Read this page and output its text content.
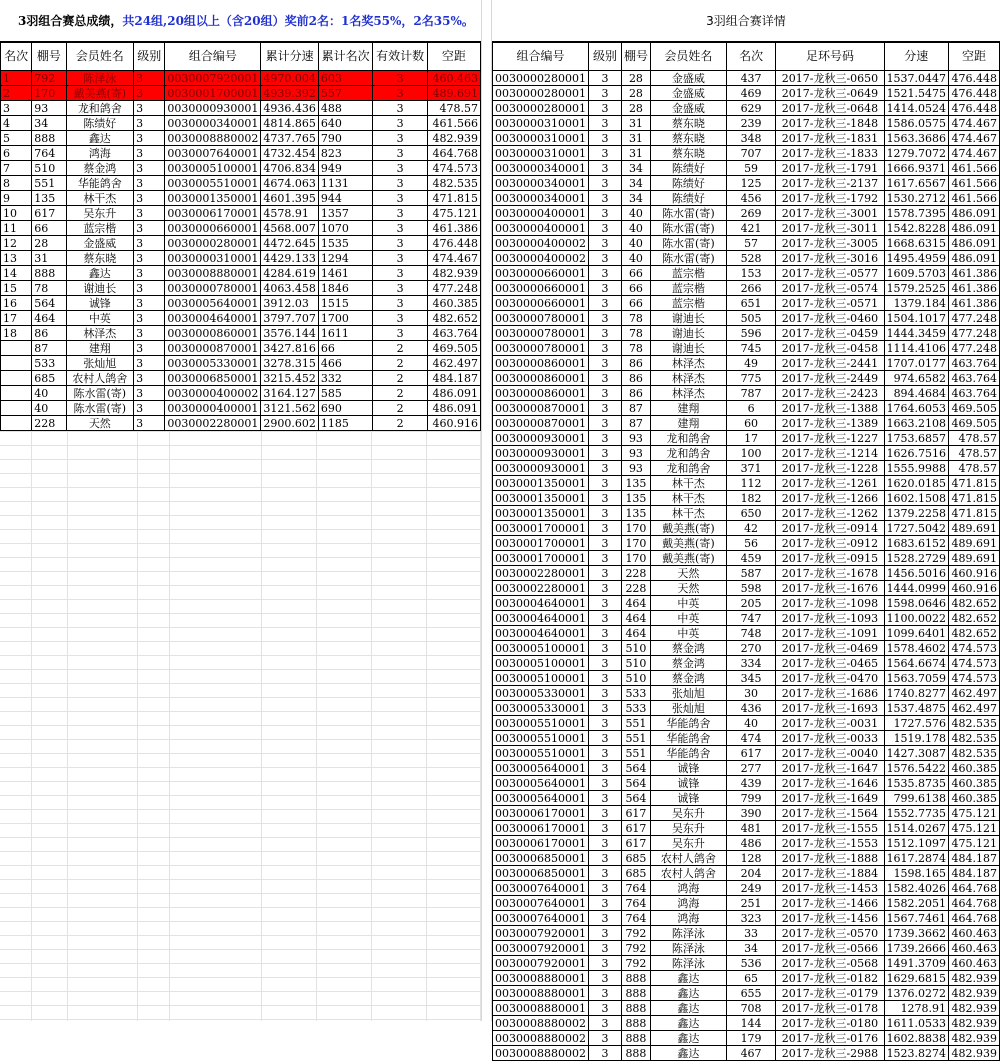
3羽组合赛总成绩， 共24组,20组以上（含20组）奖前2名：1名奖55%，2名35%。
名次	棚号	会员姓名	级别	组合编号	累计分速	累计名次	有效计数	空距
1	792	陈泽泳	3	0030007920001	4970.004	603	3	460.463
2	170	戴美燕(寄)	3	0030001700001	4939.392	557	3	489.691
3	93	龙和鸽舍	3	0030000930001	4936.436	488	3	478.57
4	34	陈绩好	3	0030000340001	4814.865	640	3	461.566
5	888	鑫达	3	0030008880002	4737.765	790	3	482.939
6	764	鸿海	3	0030007640001	4732.454	823	3	464.768
7	510	蔡金鸿	3	0030005100001	4706.834	949	3	474.573
8	551	华能鸽舍	3	0030005510001	4674.063	1131	3	482.535
9	135	林干杰	3	0030001350001	4601.395	944	3	471.815
10	617	吴东升	3	0030006170001	4578.91	1357	3	475.121
11	66	蓝宗楷	3	0030000660001	4568.007	1070	3	461.386
12	28	金盛威	3	0030000280001	4472.645	1535	3	476.448
13	31	蔡东晓	3	0030000310001	4429.133	1294	3	474.467
14	888	鑫达	3	0030008880001	4284.619	1461	3	482.939
15	78	谢迪长	3	0030000780001	4063.458	1846	3	477.248
16	564	诚锋	3	0030005640001	3912.03	1515	3	460.385
17	464	中英	3	0030004640001	3797.707	1700	3	482.652
18	86	林泽杰	3	0030000860001	3576.144	1611	3	463.764
	87	建翔	3	0030000870001	3427.816	66	2	469.505
	533	张灿旭	3	0030005330001	3278.315	466	2	462.497
	685	农村人鸽舍	3	0030006850001	3215.452	332	2	484.187
	40	陈水雷(寄)	3	0030000400002	3164.127	585	2	486.091
	40	陈水雷(寄)	3	0030000400001	3121.562	690	2	486.091
	228	天然	3	0030002280001	2900.602	1185	2	460.916
3羽组合赛详情
组合编号	级别	棚号	会员姓名	名次	足环号码	分速	空距
0030000280001	3	28	金盛威	437	2017-龙秋三-0650	1537.0447	476.448
0030000280001	3	28	金盛威	469	2017-龙秋三-0649	1521.5475	476.448
0030000280001	3	28	金盛威	629	2017-龙秋三-0648	1414.0524	476.448
0030000310001	3	31	蔡东晓	239	2017-龙秋三-1848	1586.0575	474.467
0030000310001	3	31	蔡东晓	348	2017-龙秋三-1831	1563.3686	474.467
0030000310001	3	31	蔡东晓	707	2017-龙秋三-1833	1279.7072	474.467
0030000340001	3	34	陈绩好	59	2017-龙秋三-1791	1666.9371	461.566
0030000340001	3	34	陈绩好	125	2017-龙秋三-2137	1617.6567	461.566
0030000340001	3	34	陈绩好	456	2017-龙秋三-1792	1530.2712	461.566
0030000400001	3	40	陈水雷(寄)	269	2017-龙秋三-3001	1578.7395	486.091
0030000400001	3	40	陈水雷(寄)	421	2017-龙秋三-3011	1542.8228	486.091
0030000400002	3	40	陈水雷(寄)	57	2017-龙秋三-3005	1668.6315	486.091
0030000400002	3	40	陈水雷(寄)	528	2017-龙秋三-3016	1495.4959	486.091
0030000660001	3	66	蓝宗楷	153	2017-龙秋三-0577	1609.5703	461.386
0030000660001	3	66	蓝宗楷	266	2017-龙秋三-0574	1579.2525	461.386
0030000660001	3	66	蓝宗楷	651	2017-龙秋三-0571	1379.184	461.386
0030000780001	3	78	谢迪长	505	2017-龙秋三-0460	1504.1017	477.248
0030000780001	3	78	谢迪长	596	2017-龙秋三-0459	1444.3459	477.248
0030000780001	3	78	谢迪长	745	2017-龙秋三-0458	1114.4106	477.248
0030000860001	3	86	林泽杰	49	2017-龙秋三-2441	1707.0177	463.764
0030000860001	3	86	林泽杰	775	2017-龙秋三-2449	974.6582	463.764
0030000860001	3	86	林泽杰	787	2017-龙秋三-2423	894.4684	463.764
0030000870001	3	87	建翔	6	2017-龙秋三-1388	1764.6053	469.505
0030000870001	3	87	建翔	60	2017-龙秋三-1389	1663.2108	469.505
0030000930001	3	93	龙和鸽舍	17	2017-龙秋三-1227	1753.6857	478.57
0030000930001	3	93	龙和鸽舍	100	2017-龙秋三-1214	1626.7516	478.57
0030000930001	3	93	龙和鸽舍	371	2017-龙秋三-1228	1555.9988	478.57
0030001350001	3	135	林干杰	112	2017-龙秋三-1261	1620.0185	471.815
0030001350001	3	135	林干杰	182	2017-龙秋三-1266	1602.1508	471.815
0030001350001	3	135	林干杰	650	2017-龙秋三-1262	1379.2258	471.815
0030001700001	3	170	戴美燕(寄)	42	2017-龙秋三-0914	1727.5042	489.691
0030001700001	3	170	戴美燕(寄)	56	2017-龙秋三-0912	1683.6152	489.691
0030001700001	3	170	戴美燕(寄)	459	2017-龙秋三-0915	1528.2729	489.691
0030002280001	3	228	天然	587	2017-龙秋三-1678	1456.5016	460.916
0030002280001	3	228	天然	598	2017-龙秋三-1676	1444.0999	460.916
0030004640001	3	464	中英	205	2017-龙秋三-1098	1598.0646	482.652
0030004640001	3	464	中英	747	2017-龙秋三-1093	1100.0022	482.652
0030004640001	3	464	中英	748	2017-龙秋三-1091	1099.6401	482.652
0030005100001	3	510	蔡金鸿	270	2017-龙秋三-0469	1578.4602	474.573
0030005100001	3	510	蔡金鸿	334	2017-龙秋三-0465	1564.6674	474.573
0030005100001	3	510	蔡金鸿	345	2017-龙秋三-0470	1563.7059	474.573
0030005330001	3	533	张灿旭	30	2017-龙秋三-1686	1740.8277	462.497
0030005330001	3	533	张灿旭	436	2017-龙秋三-1693	1537.4875	462.497
0030005510001	3	551	华能鸽舍	40	2017-龙秋三-0031	1727.576	482.535
0030005510001	3	551	华能鸽舍	474	2017-龙秋三-0033	1519.178	482.535
0030005510001	3	551	华能鸽舍	617	2017-龙秋三-0040	1427.3087	482.535
0030005640001	3	564	诚锋	277	2017-龙秋三-1647	1576.5422	460.385
0030005640001	3	564	诚锋	439	2017-龙秋三-1646	1535.8735	460.385
0030005640001	3	564	诚锋	799	2017-龙秋三-1649	799.6138	460.385
0030006170001	3	617	吴东升	390	2017-龙秋三-1564	1552.7735	475.121
0030006170001	3	617	吴东升	481	2017-龙秋三-1555	1514.0267	475.121
0030006170001	3	617	吴东升	486	2017-龙秋三-1553	1512.1097	475.121
0030006850001	3	685	农村人鸽舍	128	2017-龙秋三-1888	1617.2874	484.187
0030006850001	3	685	农村人鸽舍	204	2017-龙秋三-1884	1598.165	484.187
0030007640001	3	764	鸿海	249	2017-龙秋三-1453	1582.4026	464.768
0030007640001	3	764	鸿海	251	2017-龙秋三-1466	1582.2051	464.768
0030007640001	3	764	鸿海	323	2017-龙秋三-1456	1567.7461	464.768
0030007920001	3	792	陈泽泳	33	2017-龙秋三-0570	1739.3662	460.463
0030007920001	3	792	陈泽泳	34	2017-龙秋三-0566	1739.2666	460.463
0030007920001	3	792	陈泽泳	536	2017-龙秋三-0568	1491.3709	460.463
0030008880001	3	888	鑫达	65	2017-龙秋三-0182	1629.6815	482.939
0030008880001	3	888	鑫达	655	2017-龙秋三-0179	1376.0272	482.939
0030008880001	3	888	鑫达	708	2017-龙秋三-0178	1278.91	482.939
0030008880002	3	888	鑫达	144	2017-龙秋三-0180	1611.0533	482.939
0030008880002	3	888	鑫达	179	2017-龙秋三-0176	1602.8838	482.939
0030008880002	3	888	鑫达	467	2017-龙秋三-2988	1523.8274	482.939
